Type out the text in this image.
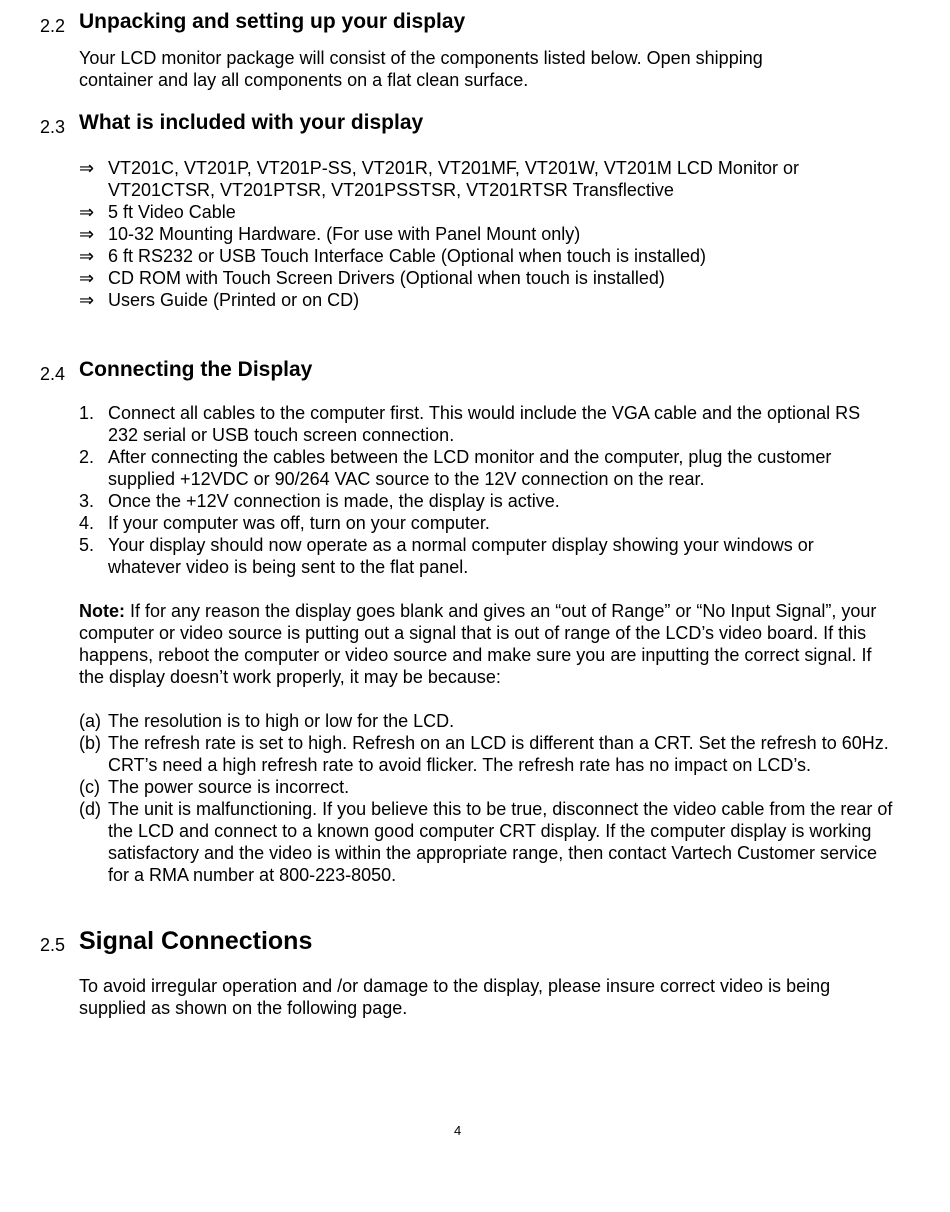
2.2 Unpacking and setting up your display

Your LCD monitor package will consist of the components listed below. Open shipping container and lay all components on a flat clean surface.

2.3 What is included with your display
⇒ VT201C, VT201P, VT201P-SS, VT201R, VT201MF, VT201W, VT201M LCD Monitor or VT201CTSR, VT201PTSR, VT201PSSTSR, VT201RTSR Transflective
⇒ 5 ft Video Cable
⇒ 10-32 Mounting Hardware. (For use with Panel Mount only)
⇒ 6 ft RS232 or USB Touch Interface Cable (Optional when touch is installed)
⇒ CD ROM with Touch Screen Drivers (Optional when touch is installed)
⇒ Users Guide (Printed or on CD)
2.4 Connecting the Display
1. Connect all cables to the computer first. This would include the VGA cable and the optional RS 232 serial or USB touch screen connection.
2. After connecting the cables between the LCD monitor and the computer, plug the customer supplied +12VDC or 90/264 VAC source to the 12V connection on the rear.
3. Once the +12V connection is made, the display is active.
4. If your computer was off, turn on your computer.
5. Your display should now operate as a normal computer display showing your windows or whatever video is being sent to the flat panel.

Note: If for any reason the display goes blank and gives an “out of Range” or “No Input Signal”, your computer or video source is putting out a signal that is out of range of the LCD’s video board. If this happens, reboot the computer or video source and make sure you are inputting the correct signal. If the display doesn’t work properly, it may be because:

(a) The resolution is to high or low for the LCD.
(b) The refresh rate is set to high. Refresh on an LCD is different than a CRT. Set the refresh to 60Hz. CRT’s need a high refresh rate to avoid flicker. The refresh rate has no impact on LCD’s.
(c) The power source is incorrect.
(d) The unit is malfunctioning. If you believe this to be true, disconnect the video cable from the rear of the LCD and connect to a known good computer CRT display. If the computer display is working satisfactory and the video is within the appropriate range, then contact Vartech Customer service for a RMA number at 800-223-8050.
2.5 Signal Connections

To avoid irregular operation and /or damage to the display, please insure correct video is being supplied as shown on the following page.

4
